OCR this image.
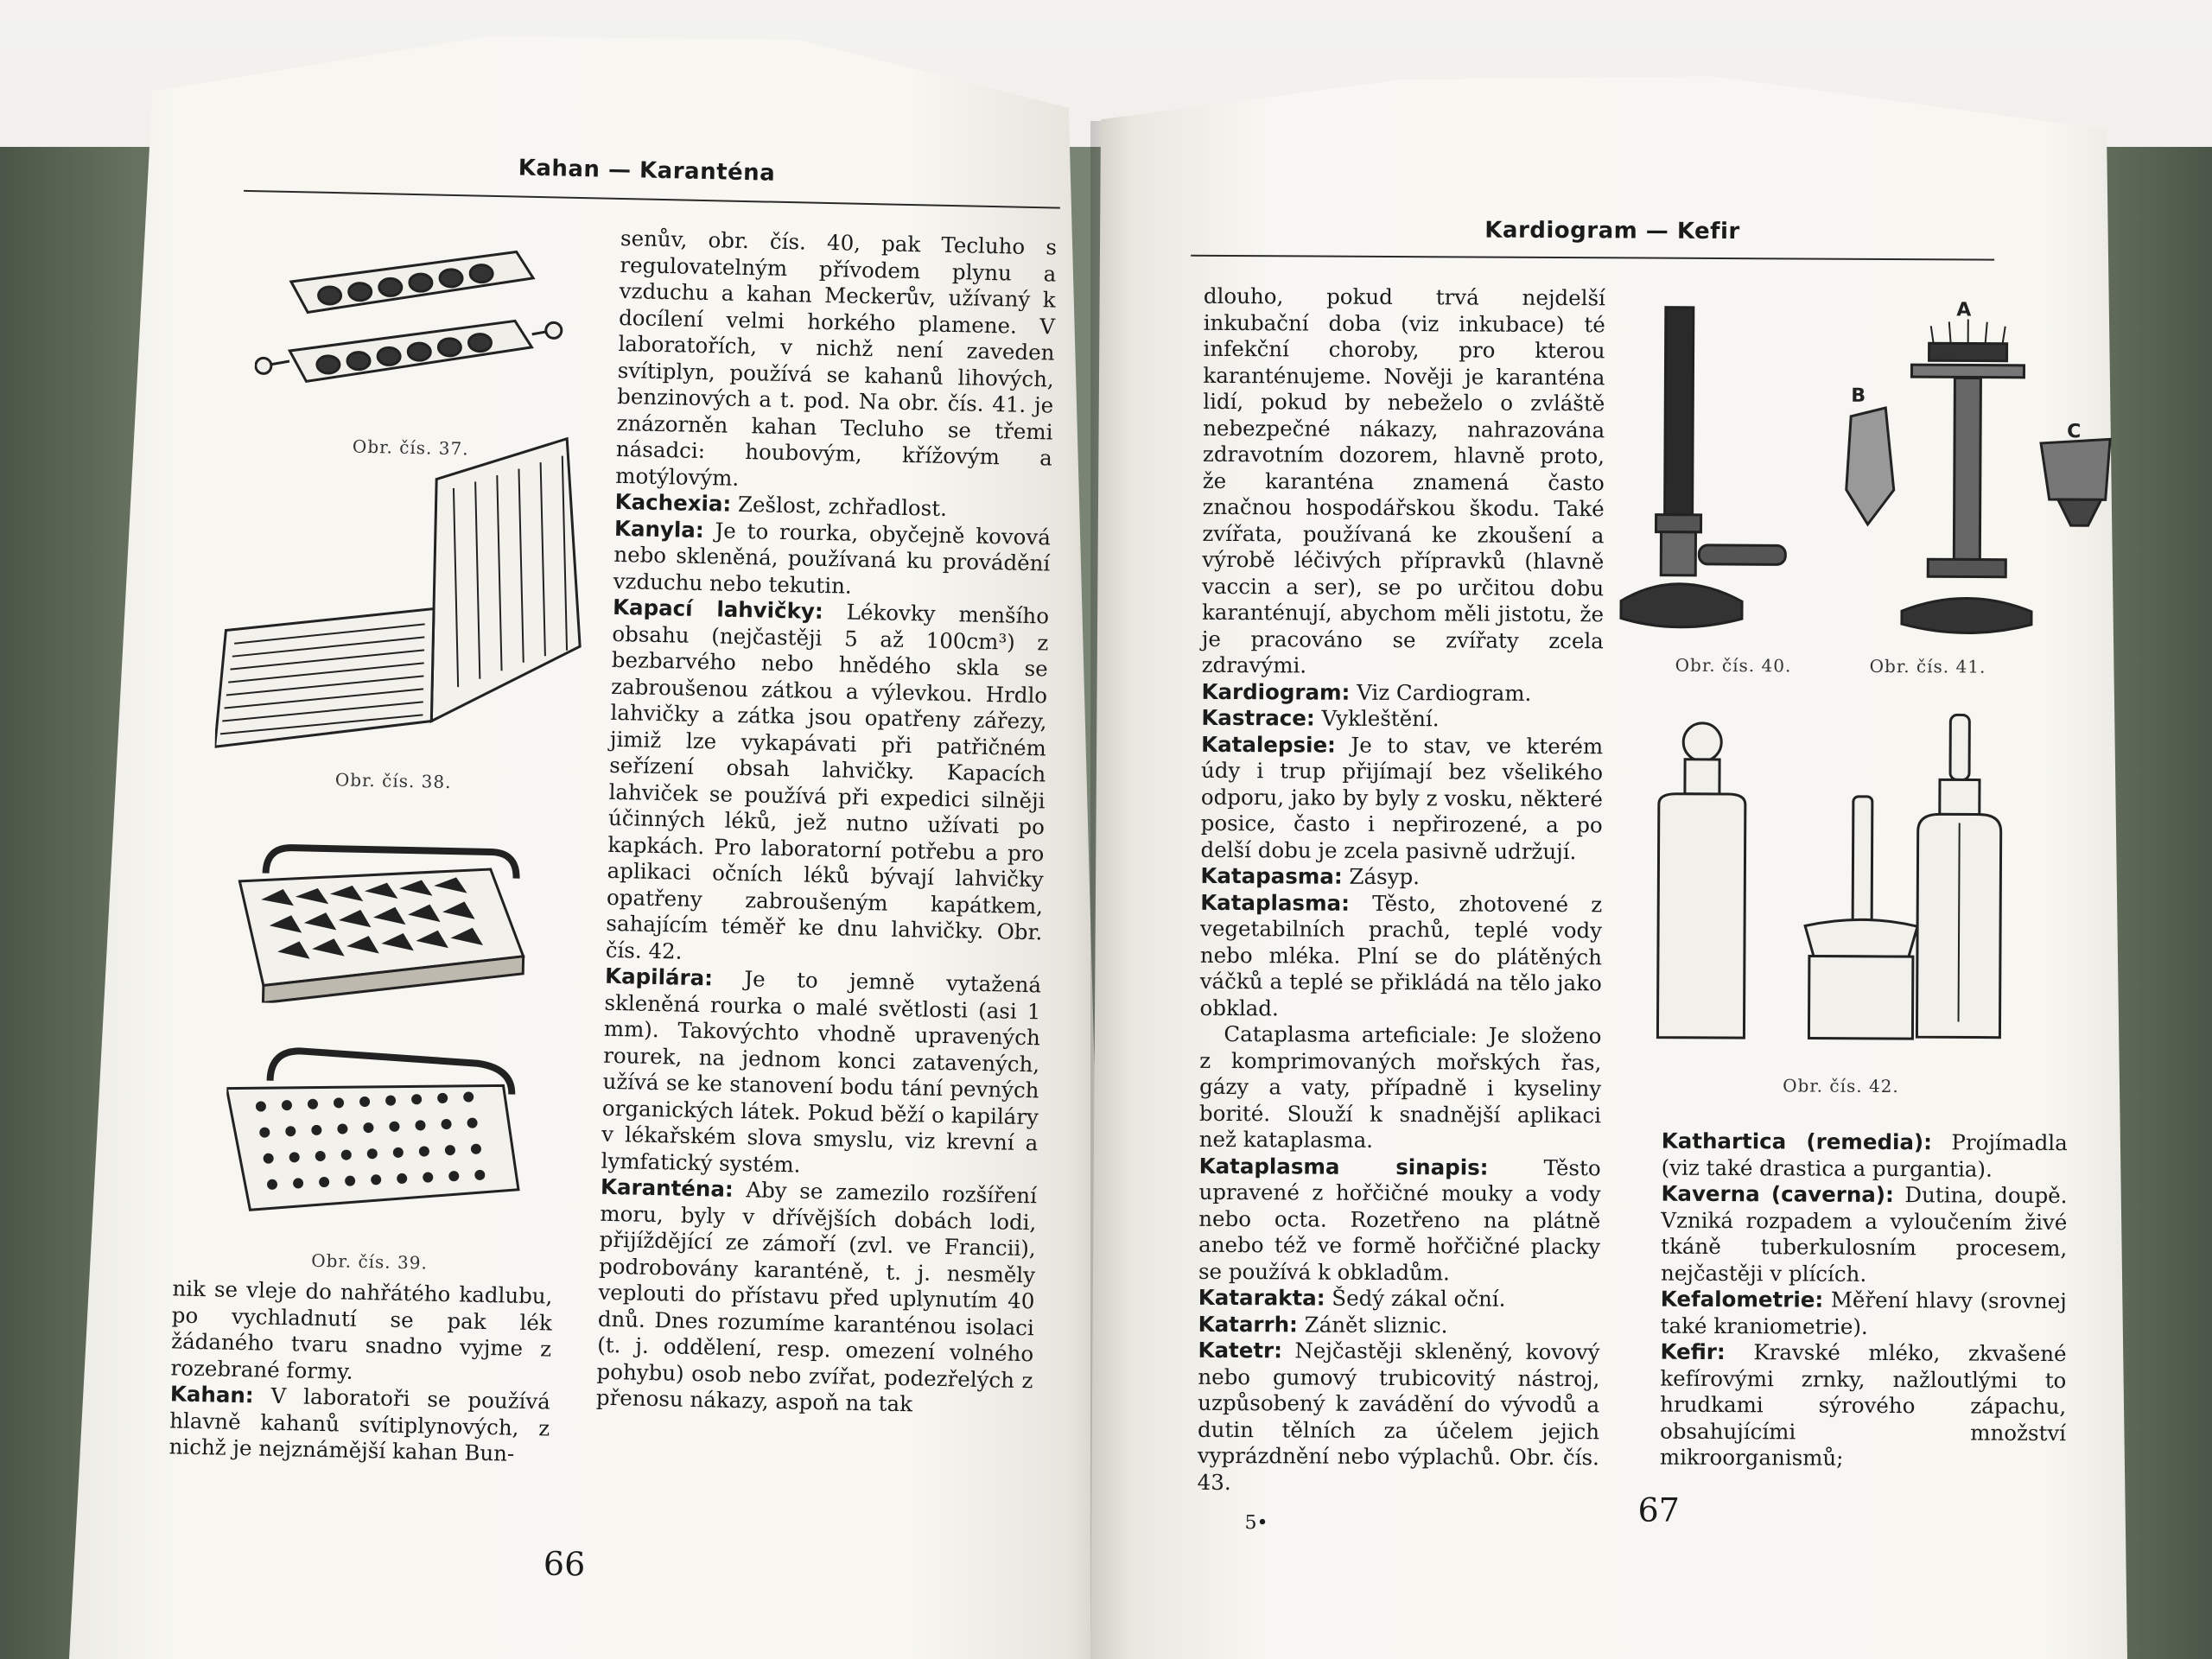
Kahan — Karanténa
Obr. čís. 37.
Obr. čís. 38.
Obr. čís. 39.

nik se vleje do nahřátého kadlubu, po vychladnutí se pak lék žádaného tvaru snadno vyjme z rozebrané formy.

Kahan: V laboratoři se používá hlavně kahanů svítiplynových, z nichž je nejznámější kahan Bun-

senův, obr. čís. 40, pak Tecluho s regulovatelným přívodem plynu a vzduchu a kahan Meckerův, užívaný k docílení velmi horkého plamene. V laboratořích, v nichž není zaveden svítiplyn, používá se kahanů lihových, benzinových a t. pod. Na obr. čís. 41. je znázorněn kahan Tecluho se třemi násadci: houbovým, křížovým a motýlovým.

Kachexia: Zešlost, zchřadlost.

Kanyla: Je to rourka, obyčejně kovová nebo skleněná, používaná ku provádění vzduchu nebo tekutin.

Kapací lahvičky: Lékovky menšího obsahu (nejčastěji 5 až 100cm³) z bezbarvého nebo hnědého skla se zabroušenou zátkou a výlevkou. Hrdlo lahvičky a zátka jsou opatřeny zářezy, jimiž lze vykapávati při patřičném seřízení obsah lahvičky. Kapacích lahviček se používá při expedici silněji účinných léků, jež nutno užívati po kapkách. Pro laboratorní potřebu a pro aplikaci očních léků bývají lahvičky opatřeny zabroušeným kapátkem, sahajícím téměř ke dnu lahvičky. Obr. čís. 42.

Kapilára: Je to jemně vytažená skleněná rourka o malé světlosti (asi 1 mm). Takovýchto vhodně upravených rourek, na jednom konci zatavených, užívá se ke stanovení bodu tání pevných organických látek. Pokud běží o kapiláry v lékařském slova smyslu, viz krevní a lymfatický systém.

Karanténa: Aby se zamezilo rozšíření moru, byly v dřívějších dobách lodi, přijíždějící ze zámoří (zvl. ve Francii), podrobovány karanténě, t. j. nesměly veplouti do přístavu před uplynutím 40 dnů. Dnes rozumíme karanténou isolaci (t. j. oddělení, resp. omezení volného pohybu) osob nebo zvířat, podezřelých z přenosu nákazy, aspoň na tak

66
Kardiogram — Kefir

dlouho, pokud trvá nejdelší inkubační doba (viz inkubace) té infekční choroby, pro kterou karanténujeme. Nověji je karanténa lidí, pokud by nebeželo o zvláště nebezpečné nákazy, nahrazována zdravotním dozorem, hlavně proto, že karanténa znamená často značnou hospodářskou škodu. Také zvířata, používaná ke zkoušení a výrobě léčivých přípravků (hlavně vaccin a ser), se po určitou dobu karanténují, abychom měli jistotu, že je pracováno se zvířaty zcela zdravými.

Kardiogram: Viz Cardiogram.

Kastrace: Vykleštění.

Katalepsie: Je to stav, ve kterém údy i trup přijímají bez všelikého odporu, jako by byly z vosku, některé posice, často i nepřirozené, a po delší dobu je zcela pasivně udržují.

Katapasma: Zásyp.

Kataplasma: Těsto, zhotovené z vegetabilních prachů, teplé vody nebo mléka. Plní se do plátěných váčků a teplé se přikládá na tělo jako obklad.

Cataplasma arteficiale: Je složeno z komprimovaných mořských řas, gázy a vaty, případně i kyseliny borité. Slouží k snadnější aplikaci než kataplasma.

Kataplasma sinapis: Těsto upravené z hořčičné mouky a vody nebo octa. Rozetřeno na plátně anebo též ve formě hořčičné placky se používá k obkladům.

Katarakta: Šedý zákal oční.

Katarrh: Zánět sliznic.

Katetr: Nejčastěji skleněný, kovový nebo gumový trubicovitý nástroj, uzpůsobený k zavádění do vývodů a dutin tělních za účelem jejich vyprázdnění nebo výplachů. Obr. čís. 43.

Obr. čís. 40.
A
B
C
Obr. čís. 41.
Obr. čís. 42.

Kathartica (remedia): Projímadla (viz také drastica a purgantia).

Kaverna (caverna): Dutina, doupě. Vzniká rozpadem a vyloučením živé tkáně tuberkulosním procesem, nejčastěji v plících.

Kefalometrie: Měření hlavy (srovnej také kraniometrie).

Kefir: Kravské mléko, zkvašené kefírovými zrnky, nažloutlými to hrudkami sýrového zápachu, obsahujícími množství mikroorganismů;

5•	67
